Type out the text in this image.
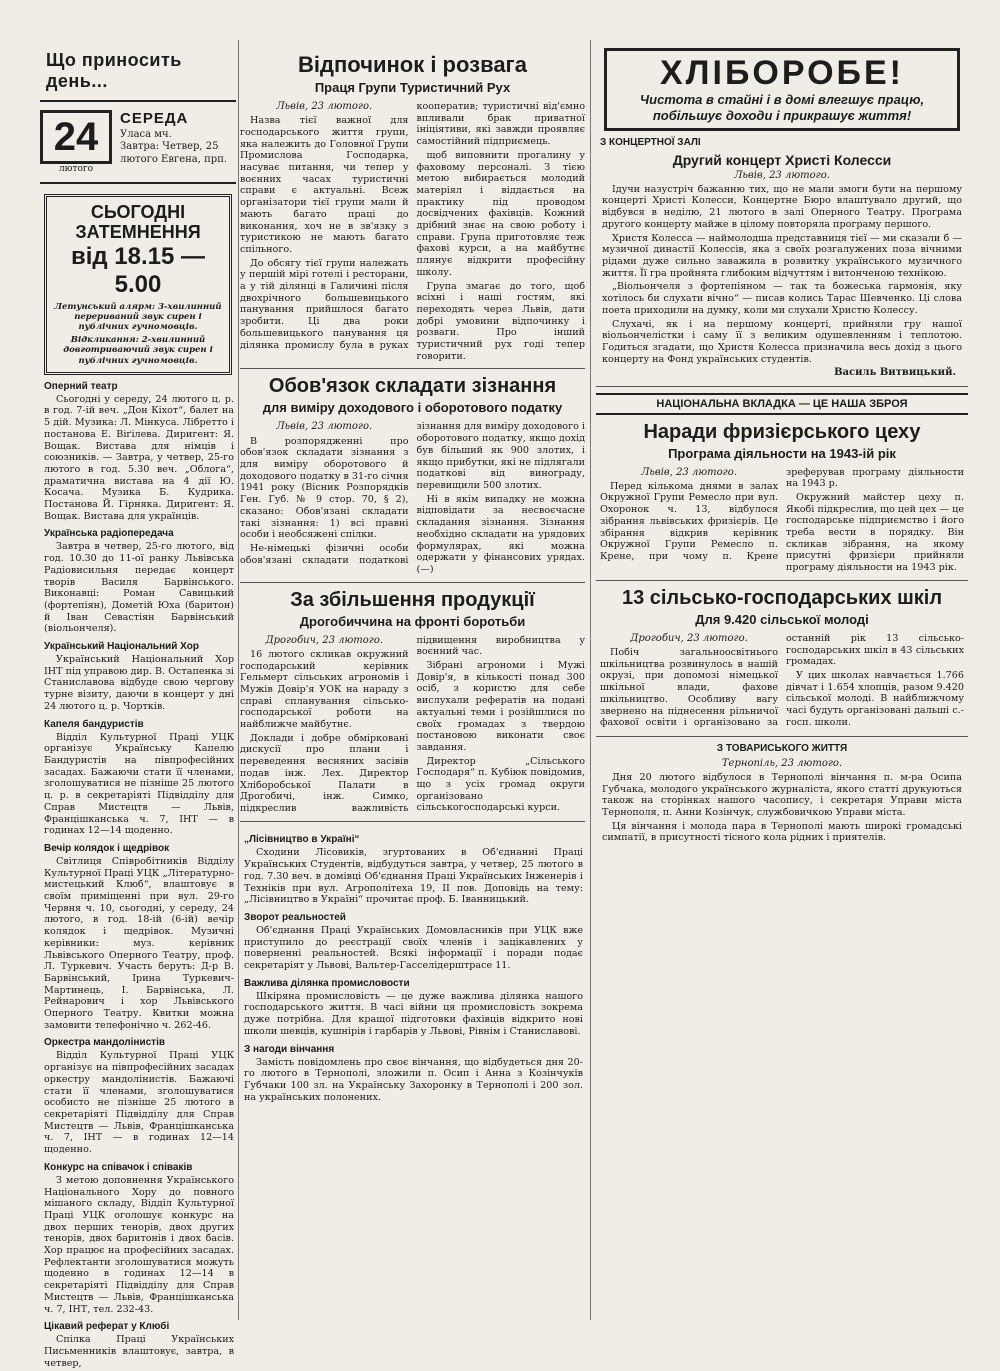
Що приносить день...
24
лютого
СЕРЕДА
Уласа мч.
Завтра: Четвер, 25 лютого Евгена, прп.
СЬОГОДНІ ЗАТЕМНЕННЯ
від 18.15 — 5.00
Летунський алярм: 3-хвилинний перериваний звук сирен і публічних гучномовців.
Відкликання: 2-хвилинний довготриваючий звук сирен і публічних гучномовців.
Оперний театр
Сьогодні у середу, 24 лютого ц. р. в год. 7-ій веч. „Дон Кіхот“, балет на 5 дій. Музика: Л. Мінкуса. Лібретто і постанова Е. Віґілева. Диригент: Я. Вощак. Вистава для німців і союзників. — Завтра, у четвер, 25-го лютого в год. 5.30 веч. „Облога“, драматична вистава на 4 дії Ю. Косача. Музика Б. Кудрика. Постанова Й. Гірняка. Диригент: Я. Вощак. Вистава для українців.
Українська радіопередача
Завтра в четвер, 25-го лютого, від год. 10.30 до 11-ої ранку Львівська Радіовисильня передає концерт творів Василя Барвінського. Виконавці: Роман Савицький (фортепіян), Дометій Юха (баритон) й Іван Севастіян Барвінський (віольончеля).
Український Національний Хор
Український Національний Хор ІНТ під управою дир. В. Остапенка зі Станиславова відбуде свою чергову турне візиту, даючи в концерт у дні 24 лютого ц. р. Чортків.
Капеля бандуристів
Відділ Культурної Праці УЦК організує Українську Капелю Бандуристів на півпрофесійних засадах. Бажаючи стати її членами, зголошуватися не пізніше 25 лютого ц. р. в секретаріяті Підвідділу для Справ Мистецтв — Львів, Францішканська ч. 7, ІНТ — в годинах 12—14 щоденно.
Вечір колядок і щедрівок
Світлиця Співробітників Відділу Культурної Праці УЦК „Літературно-мистецький Клюб“, влаштовує в своїм приміщенні при вул. 29-го Червня ч. 10, сьогодні, у середу, 24 лютого, в год. 18-ій (6-ій) вечір колядок і щедрівок. Музичні керівники: муз. керівник Львівського Оперного Театру, проф. Л. Туркевич. Участь беруть: Д-р В. Барвінський, Ірина Туркевич-Мартинець, І. Барвінська, Л. Рейнарович і хор Львівського Оперного Театру. Квитки можна замовити телефонічно ч. 262-46.
Оркестра мандолінистів
Відділ Культурної Праці УЦК організує на півпрофесійних засадах оркестру мандолінистів. Бажаючі стати її членами, зголошуватися особисто не пізніше 25 лютого в секретаріяті Підвідділу для Справ Мистецтв — Львів, Францішканська ч. 7, ІНТ — в годинах 12—14 щоденно.
Конкурс на співачок і співаків
З метою доповнення Українського Національного Хору до повного мішаного складу, Відділ Культурної Праці УЦК оголошує конкурс на двох перших теноpів, двох других теноpів, двох баритонів і двох басів. Хор працює на професійних засадах. Рефлектанти зголошуватися можуть щоденно в годинах 12—14 в секретаріяті Підвідділу для Справ Мистецтв — Львів, Францішканська ч. 7, ІНТ, тел. 232-43.
Цікавий реферат у Клюбі
Спілка Праці Українських Письменників влаштовує, завтра, в четвер,
Відпочинок і розвага
Праця Групи Туристичний Рух
Львів, 23 лютого.

Назва тієї важної для господарського життя групи, яка належить до Головної Групи Промислова Господарка, насуває питання, чи тепер у воєнних часах туристичні справи є актуальні. Всеж організатори тієї групи мали й мають багато праці до виконання, хоч не в зв'язку з туристикою не мають багато спільного.

До обсягу тієї групи належать у першій мірі готелі і ресторани, а у тій ділянці в Галичині після двохрічного большевицького панування прийшлося багато зробити. Ці два роки большевицького панування ця ділянка промислу була в руках кооператив; туристичні від'ємно впливали брак приватної ініціятиви, які завжди проявляє самостійний підприємець.

щоб виповнити прогалину у фаховому персоналі. З тією метою вибирається молодий матеріял і віддається на практику під проводом досвідчених фахівців. Кожний дрібний знає на свою роботу і справи. Група приготовляє теж фахові курси, а на майбутнє плянує відкрити професійну школу.

Група змагає до того, щоб всіхні і наші гостям, які переходять через Львів, дати добрі умовини відпочинку і розваги. Про інший туристичний рух годі тепер говорити.

Обов'язок складати зізнання
для виміру доходового і оборотового податку
Львів, 23 лютого.

В розпорядженні про обов'язок складати зізнання з для виміру оборотового й доходового податку в 31-го січня 1941 року (Вісник Розпорядків Ген. Губ. № 9 стор. 70, § 2), сказано: Обов'язані складати такі зізнання: 1) всі правні особи і необсяжені спілки.

Не-німецькі фізичні особи обов'язані складати податкові зізнання для виміру доходового і оборотового податку, якщо дохід був більший як 900 злотих, і якщо прибутки, які не підлягали податкові від винограду, перевищили 500 злотих.

Ні в якім випадку не можна відповідати за несвоєчасне складання зізнання. Зізнання необхідно складати на урядових формулярах, які можна одержати у фінансових урядах. (—)

За збільшення продукції
Дрогобиччина на фронті боротьби
Дрогобич, 23 лютого.

16 лютого скликав окружний господарський керівник Гельмерт сільських агрономів і Мужів Довір'я УОК на нараду з справі спланування сільсько-господарської роботи на найближче майбутнє.

Доклади і добре обмірковані дискусії про плани і переведення весняних засівів подав інж. Лех. Директор Хліборобської Палати в Дрогобичі, інж. Симко, підкреслив важливість підвищення виробництва у воєнний час.

Зібрані агрономи і Мужі Довір'я, в кількості понад 300 осіб, з користю для себе вислухали рефератів на подані актуальні теми і розійшлися по своїх громадах з твердою постановою виконати своє завдання.

Директор „Сільського Господаря“ п. Кубіюк повідомив, що з усіх громад округи організовано сільськогосподарські курси.

„Лісівництво в Україні“
Сходини Лісовиків, згуртованих в Об'єднанні Праці Українських Студентів, відбудуться завтра, у четвер, 25 лютого в год. 7.30 веч. в домівці Об'єднання Праці Українських Інженерів і Техніків при вул. Агрополітеха 19, II пов. Доповідь на тему: „Лісівництво в Україні“ прочитає проф. Б. Іванницький.
Зворот реальностей
Об'єднання Праці Українських Домовласників при УЦК вже приступило до реєстрації своїх членів і зацікавлених у поверненні реальностей. Всякі інформації і поради подає секретаріят у Львові, Вальтер-Гасселідерштрасе 11.
Важлива ділянка промисловости
Шкіряна промисловість — це дуже важлива ділянка нашого господарського життя. В часі війни ця промисловість зокрема дуже потрібна. Для кращої підготовки фахівців відкрито нові школи шевців, кушнірів і гарбарів у Львові, Рівнім і Станиславові.
З нагоди вінчання
Замість повідомлень про своє вінчання, що відбудеться дня 20-го лютого в Тернополі, зложили п. Осип і Анна з Козінчуків Губчаки 100 зл. на Українську Захоронку в Тернополі і 200 зол. на українських полонених.
ХЛІБОРОБЕ!
Чистота в стайні і в домі влегшує працю, побільшує доходи і прикрашує життя!
З КОНЦЕРТНОЇ ЗАЛІ
Другий концерт Христі Колесси
Львів, 23 лютого.

Ідучи назустріч бажанню тих, що не мали змоги бути на першому концерті Христі Колесси, Концертне Бюро влаштувало другий, що відбувся в неділю, 21 лютого в залі Оперного Театру. Програма другого концерту майже в цілому повторяла програму першого.

Христя Колесса — наймолодша представниця тієї — ми сказали б — музичної династії Колессів, яка з своїх розгалужених поза вічними рідами дуже сильно заважила в розвитку українського музичного життя. Її гра пройнята глибоким відчуттям і витонченою технікою.

„Віольончеля з фортепіяном — так та божеська гармонія, яку хотілось би слухати вічно“ — писав колись Тарас Шевченко. Ці слова поета приходили на думку, коли ми слухали Христю Колессу.

Слухачі, як і на першому концерті, прийняли гру нашої віольончелістки і саму її з великим одушевленням і теплотою. Годиться згадати, що Христя Колесса призначила весь дохід з цього концерту на Фонд українських студентів.

Василь Витвицький.
НАЦІОНАЛЬНА ВКЛАДКА — ЦЕ НАША ЗБРОЯ
Наради фризієрського цеху
Програма діяльности на 1943-ій рік
Львів, 23 лютого.

Перед кількома днями в залах Окружної Групи Ремесло при вул. Охоронок ч. 13, відбулося зібрання львівських фризієрів. Це збірання відкрив керівник Окружної Групи Ремесло п. Крене, при чому п. Крене зреферував програму діяльности на 1943 р.

Окружний майстер цеху п. Якобі підкреслив, що цей цех — це господарське підприємство і його треба вести в порядку. Він скликав зібрання, на якому присутні фризієри прийняли програму діяльности на 1943 рік.

13 сільсько-господарських шкіл
Для 9.420 сільської молоді
Дрогобич, 23 лютого.

Побіч загальноосвітнього шкільництва розвинулось в нашій окрузі, при допомозі німецької шкільної влади, фахове шкільництво. Особливу вагу звернено на піднесення рільничої фахової освіти і організовано за останній рік 13 сільсько-господарських шкіл в 43 сільських громадах.

У цих школах навчається 1.766 дівчат і 1.654 хлопців, разом 9.420 сільської молоді. В найближчому часі будуть організовані дальші с.-госп. школи.

З ТОВАРИСЬКОГО ЖИТТЯ
Тернопіль, 23 лютого.

Дня 20 лютого відбулося в Тернополі вінчання п. м-ра Осипа Губчака, молодого українського журналіста, якого статті друкуються також на сторінках нашого часопису, і секретаря Управи міста Тернополя, п. Анни Козінчук, службовичкою Управи міста.

Ця вінчання і молода пара в Тернополі мають широкі громадські симпатії, в присутності тісного кола рідних і приятелів.
